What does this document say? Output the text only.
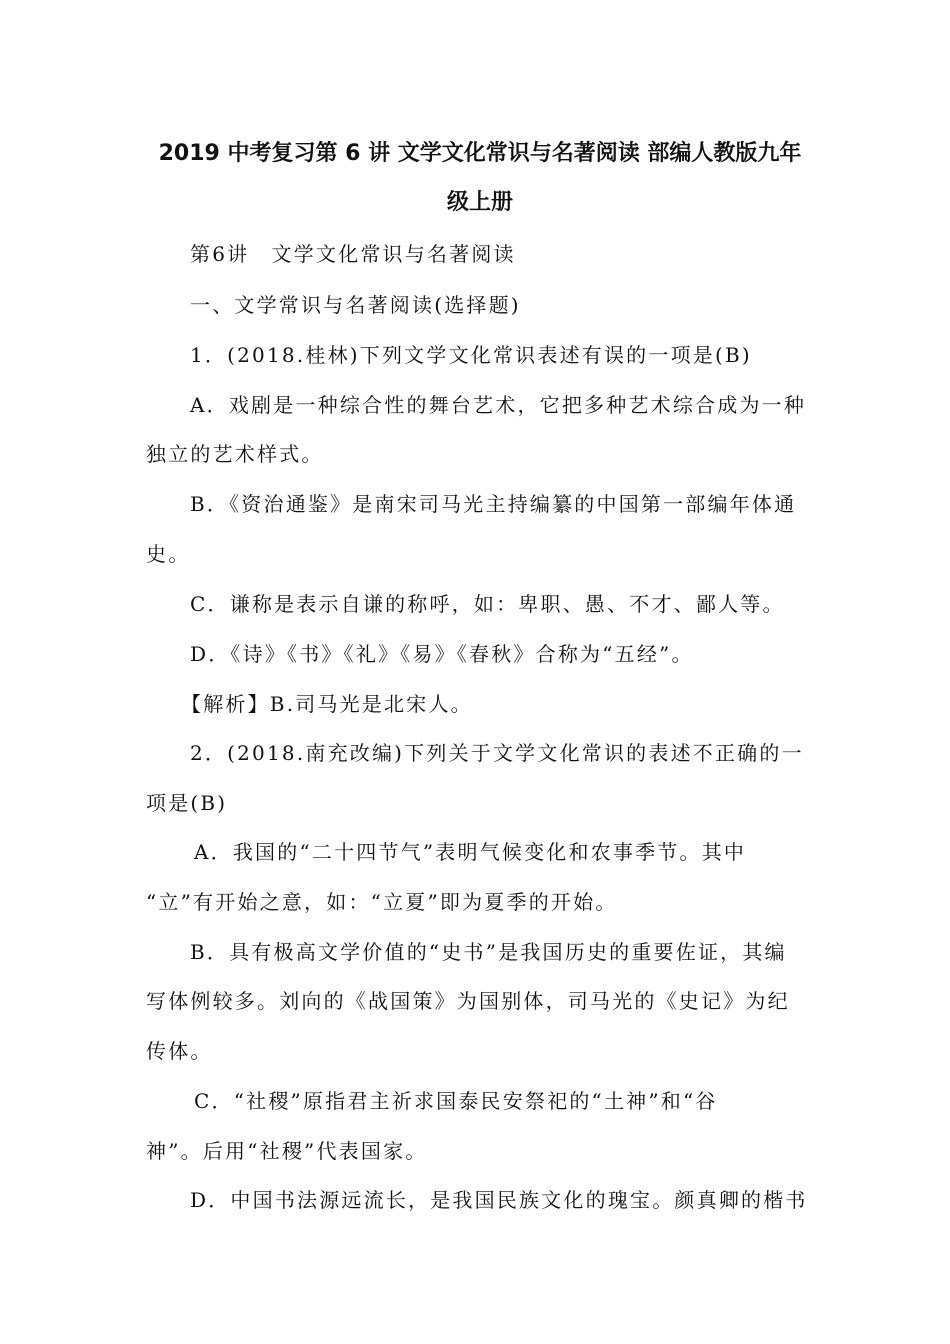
2019 中考复习第 6 讲 文学文化常识与名著阅读 部编人教版九年
级上册
第6讲　文学文化常识与名著阅读
一、文学常识与名著阅读(选择题)
1．(2018.桂林)下列文学文化常识表述有误的一项是(B)
A．戏剧是一种综合性的舞台艺术，它把多种艺术综合成为一种
独立的艺术样式。
B．《资治通鉴》是南宋司马光主持编纂的中国第一部编年体通
史。
C．谦称是表示自谦的称呼，如：卑职、愚、不才、鄙人等。
D．《诗》《书》《礼》《易》《春秋》合称为“五经”。
【解析】B.司马光是北宋人。
2．(2018.南充改编)下列关于文学文化常识的表述不正确的一
项是(B)
A．我国的“二十四节气”表明气候变化和农事季节。其中
“立”有开始之意，如：“立夏”即为夏季的开始。
B．具有极高文学价值的“史书”是我国历史的重要佐证，其编
写体例较多。刘向的《战国策》为国别体，司马光的《史记》为纪
传体。
C．“社稷”原指君主祈求国泰民安祭祀的“土神”和“谷
神”。后用“社稷”代表国家。
D．中国书法源远流长，是我国民族文化的瑰宝。颜真卿的楷书
